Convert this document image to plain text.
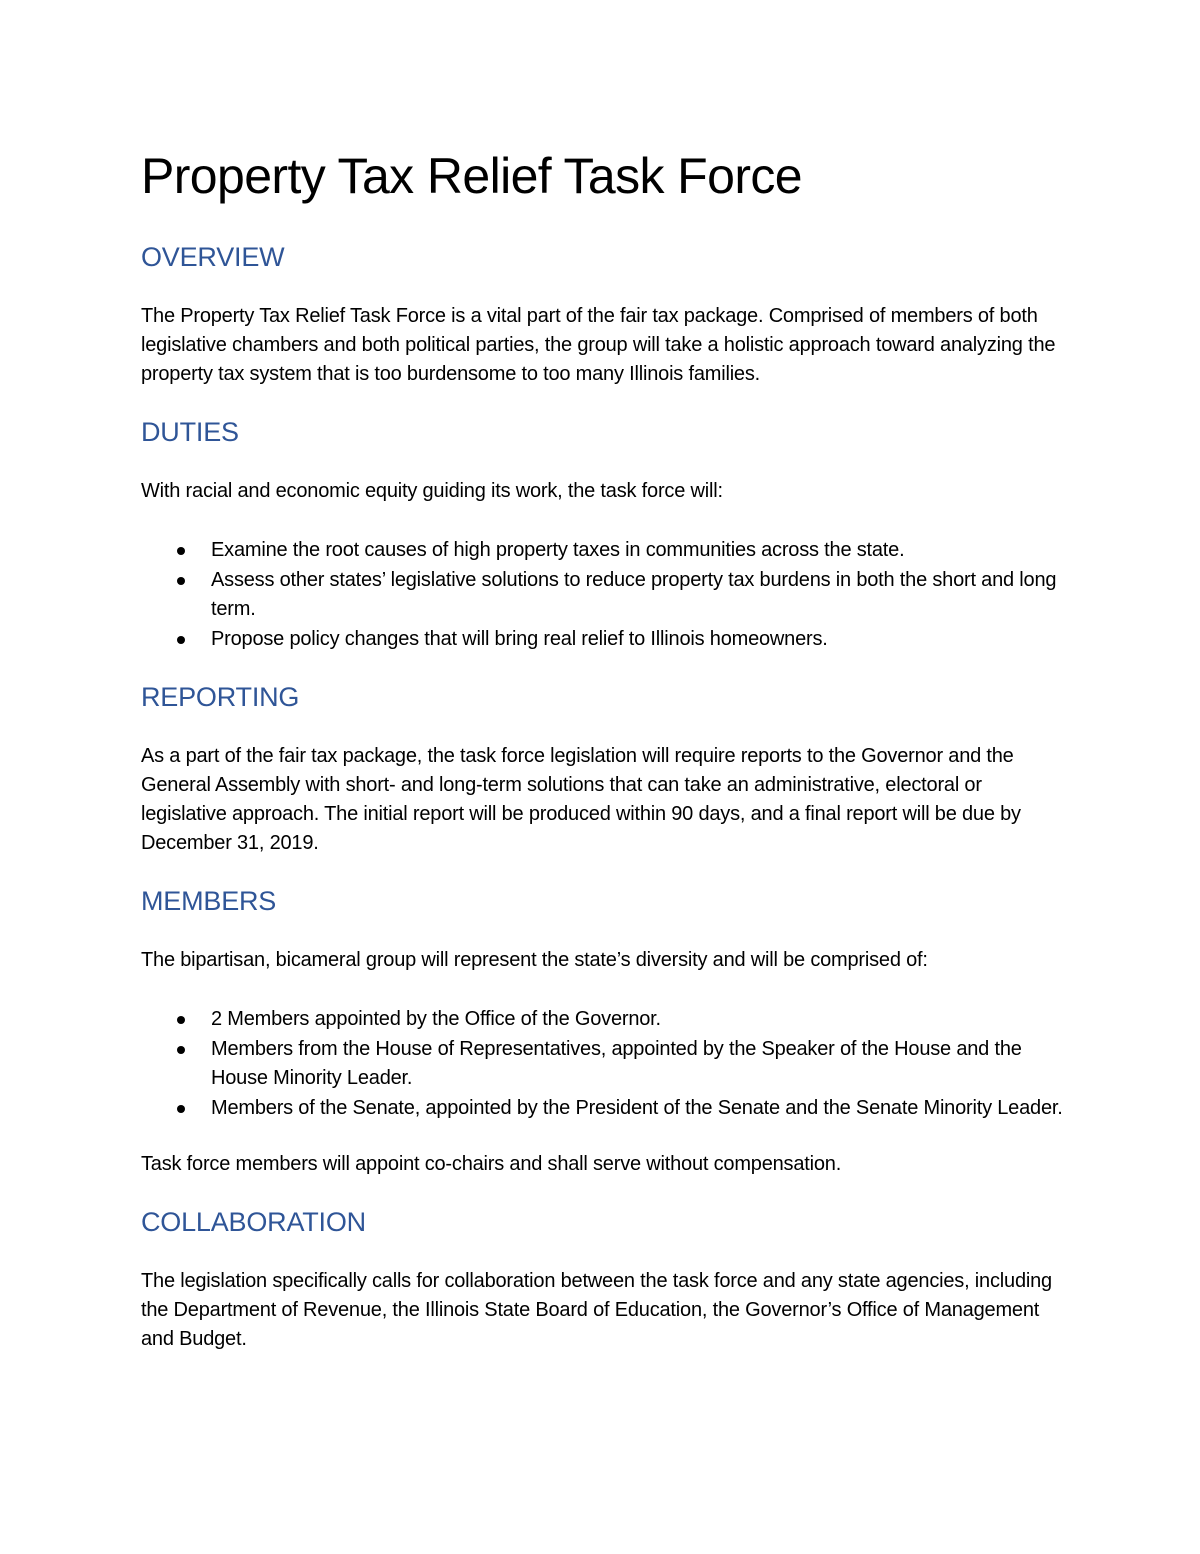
Property Tax Relief Task Force
OVERVIEW

The Property Tax Relief Task Force is a vital part of the fair tax package. Comprised of members of both legislative chambers and both political parties, the group will take a holistic approach toward analyzing the property tax system that is too burdensome to too many Illinois families.

DUTIES

With racial and economic equity guiding its work, the task force will:

Examine the root causes of high property taxes in communities across the state.
Assess other states’ legislative solutions to reduce property tax burdens in both the short and long term.
Propose policy changes that will bring real relief to Illinois homeowners.
REPORTING

As a part of the fair tax package, the task force legislation will require reports to the Governor and the General Assembly with short- and long-term solutions that can take an administrative, electoral or legislative approach. The initial report will be produced within 90 days, and a final report will be due by December 31, 2019.

MEMBERS

The bipartisan, bicameral group will represent the state’s diversity and will be comprised of:

2 Members appointed by the Office of the Governor.
Members from the House of Representatives, appointed by the Speaker of the House and the House Minority Leader.
Members of the Senate, appointed by the President of the Senate and the Senate Minority Leader.

Task force members will appoint co-chairs and shall serve without compensation.

COLLABORATION

The legislation specifically calls for collaboration between the task force and any state agencies, including the Department of Revenue, the Illinois State Board of Education, the Governor’s Office of Management and Budget.
